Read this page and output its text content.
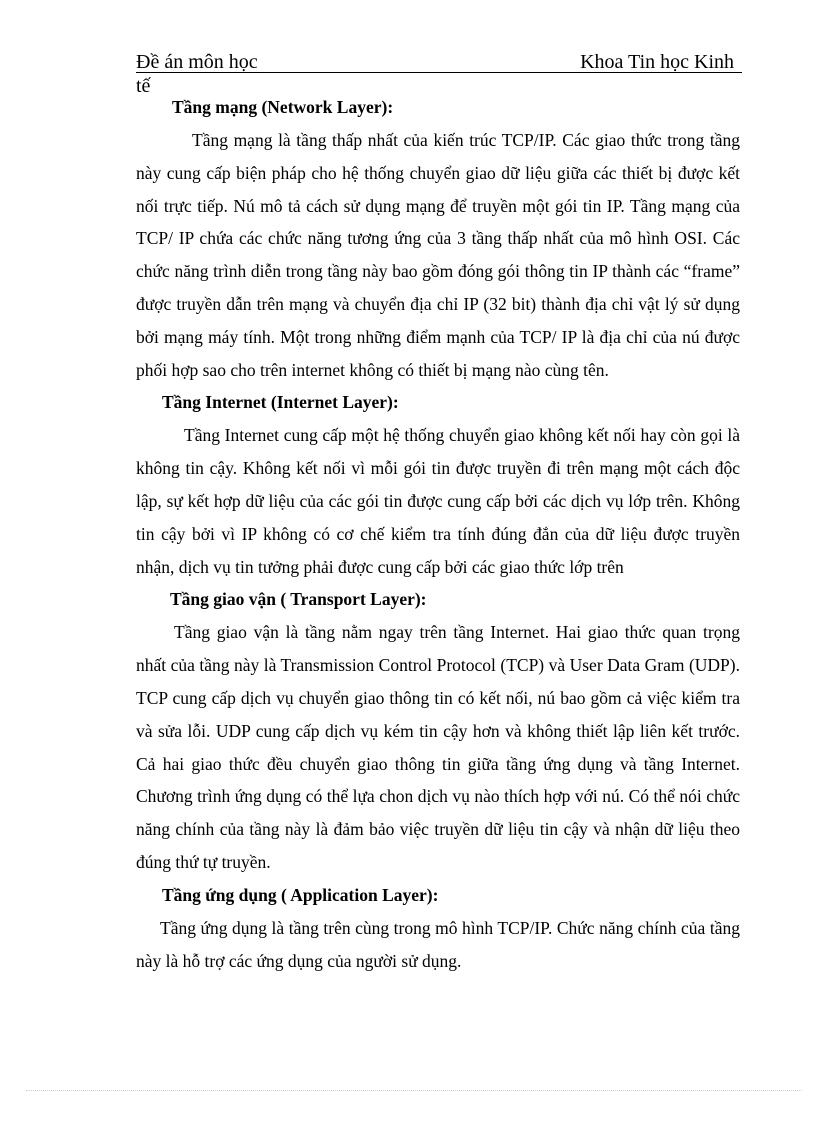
Đề án môn học	Khoa Tin học Kinh
tế

Tầng mạng (Network Layer):

Tầng mạng là tầng thấp nhất của kiến trúc TCP/IP. Các giao thức trong tầng này cung cấp biện pháp cho hệ thống chuyển giao dữ liệu giữa các thiết bị được kết nối trực tiếp. Nú mô tả cách sử dụng mạng để truyền một gói tin IP. Tầng mạng của TCP/ IP chứa các chức năng tương ứng của 3 tầng thấp nhất của mô hình OSI. Các chức năng trình diễn trong tầng này bao gồm đóng gói thông tin IP thành các “frame” được truyền dẫn trên mạng và chuyển địa chỉ IP (32 bit) thành địa chỉ vật lý sử dụng bởi mạng máy tính. Một trong những điểm mạnh của TCP/ IP là địa chỉ của nú được phối hợp sao cho trên internet không có thiết bị mạng nào cùng tên.

Tầng Internet (Internet Layer):

Tầng Internet cung cấp một hệ thống chuyển giao không kết nối hay còn gọi là không tin cậy. Không kết nối vì mỗi gói tin được truyền đi trên mạng một cách độc lập, sự kết hợp dữ liệu của các gói tin được cung cấp bởi các dịch vụ lớp trên. Không tin cậy bởi vì IP không có cơ chế kiểm tra tính đúng đắn của dữ liệu được truyền nhận, dịch vụ tin tưởng phải được cung cấp bởi các giao thức lớp trên

Tầng giao vận ( Transport Layer):

Tầng giao vận là tầng nằm ngay trên tầng Internet. Hai giao thức quan trọng nhất của tầng này là Transmission Control Protocol (TCP) và User Data Gram (UDP). TCP cung cấp dịch vụ chuyển giao thông tin có kết nối, nú bao gồm cả việc kiểm tra và sửa lỗi. UDP cung cấp dịch vụ kém tin cậy hơn và không thiết lập liên kết trước. Cả hai giao thức đều chuyển giao thông tin giữa tầng ứng dụng và tầng Internet. Chương trình ứng dụng có thể lựa chon dịch vụ nào thích hợp với nú. Có thể nói chức năng chính của tầng này là đảm bảo việc truyền dữ liệu tin cậy và nhận dữ liệu theo đúng thứ tự truyền.

Tầng ứng dụng ( Application Layer):

Tầng ứng dụng là tầng trên cùng trong mô hình TCP/IP. Chức năng chính của tầng này là hỗ trợ các ứng dụng của người sử dụng.
